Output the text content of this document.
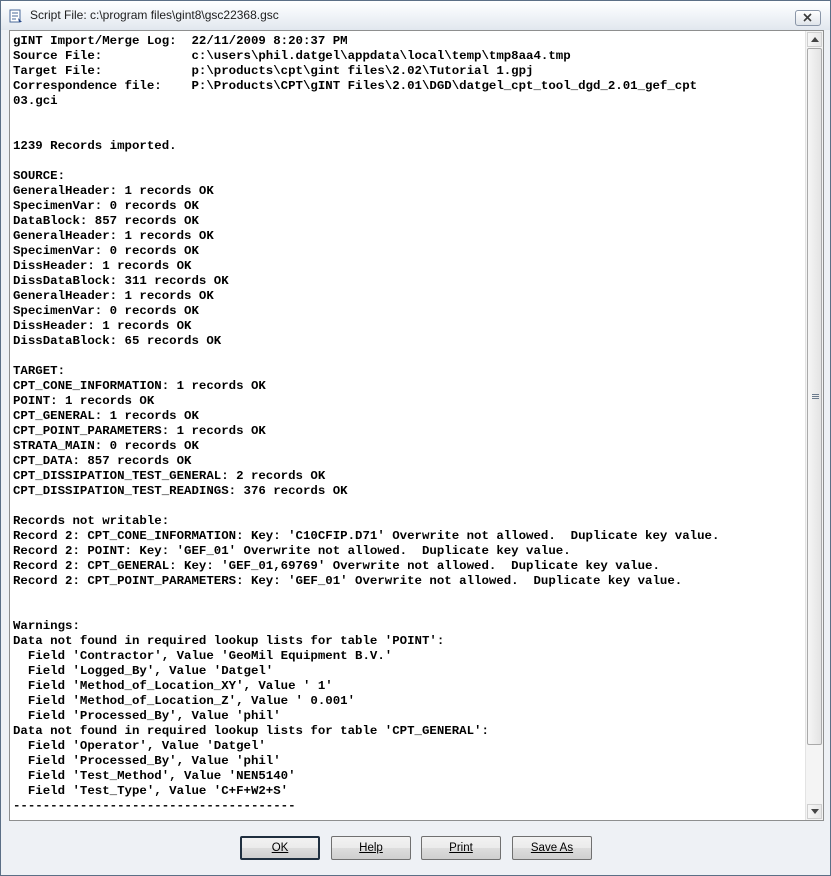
Script File: c:\program files\gint8\gsc22368.gsc
gINT Import/Merge Log:  22/11/2009 8:20:37 PM
Source File:            c:\users\phil.datgel\appdata\local\temp\tmp8aa4.tmp
Target File:            p:\products\cpt\gint files\2.02\Tutorial 1.gpj
Correspondence file:    P:\Products\CPT\gINT Files\2.01\DGD\datgel_cpt_tool_dgd_2.01_gef_cpt
03.gci
1239 Records imported.
SOURCE:
GeneralHeader: 1 records OK
SpecimenVar: 0 records OK
DataBlock: 857 records OK
GeneralHeader: 1 records OK
SpecimenVar: 0 records OK
DissHeader: 1 records OK
DissDataBlock: 311 records OK
GeneralHeader: 1 records OK
SpecimenVar: 0 records OK
DissHeader: 1 records OK
DissDataBlock: 65 records OK
TARGET:
CPT_CONE_INFORMATION: 1 records OK
POINT: 1 records OK
CPT_GENERAL: 1 records OK
CPT_POINT_PARAMETERS: 1 records OK
STRATA_MAIN: 0 records OK
CPT_DATA: 857 records OK
CPT_DISSIPATION_TEST_GENERAL: 2 records OK
CPT_DISSIPATION_TEST_READINGS: 376 records OK
Records not writable:
Record 2: CPT_CONE_INFORMATION: Key: 'C10CFIP.D71' Overwrite not allowed.  Duplicate key value.
Record 2: POINT: Key: 'GEF_01' Overwrite not allowed.  Duplicate key value.
Record 2: CPT_GENERAL: Key: 'GEF_01,69769' Overwrite not allowed.  Duplicate key value.
Record 2: CPT_POINT_PARAMETERS: Key: 'GEF_01' Overwrite not allowed.  Duplicate key value.
Warnings:
Data not found in required lookup lists for table 'POINT':
Field 'Contractor', Value 'GeoMil Equipment B.V.'
Field 'Logged_By', Value 'Datgel'
Field 'Method_of_Location_XY', Value ' 1'
Field 'Method_of_Location_Z', Value ' 0.001'
Field 'Processed_By', Value 'phil'
Data not found in required lookup lists for table 'CPT_GENERAL':
Field 'Operator', Value 'Datgel'
Field 'Processed_By', Value 'phil'
Field 'Test_Method', Value 'NEN5140'
Field 'Test_Type', Value 'C+F+W2+S'
--------------------------------------

OK	Help	Print	Save As
